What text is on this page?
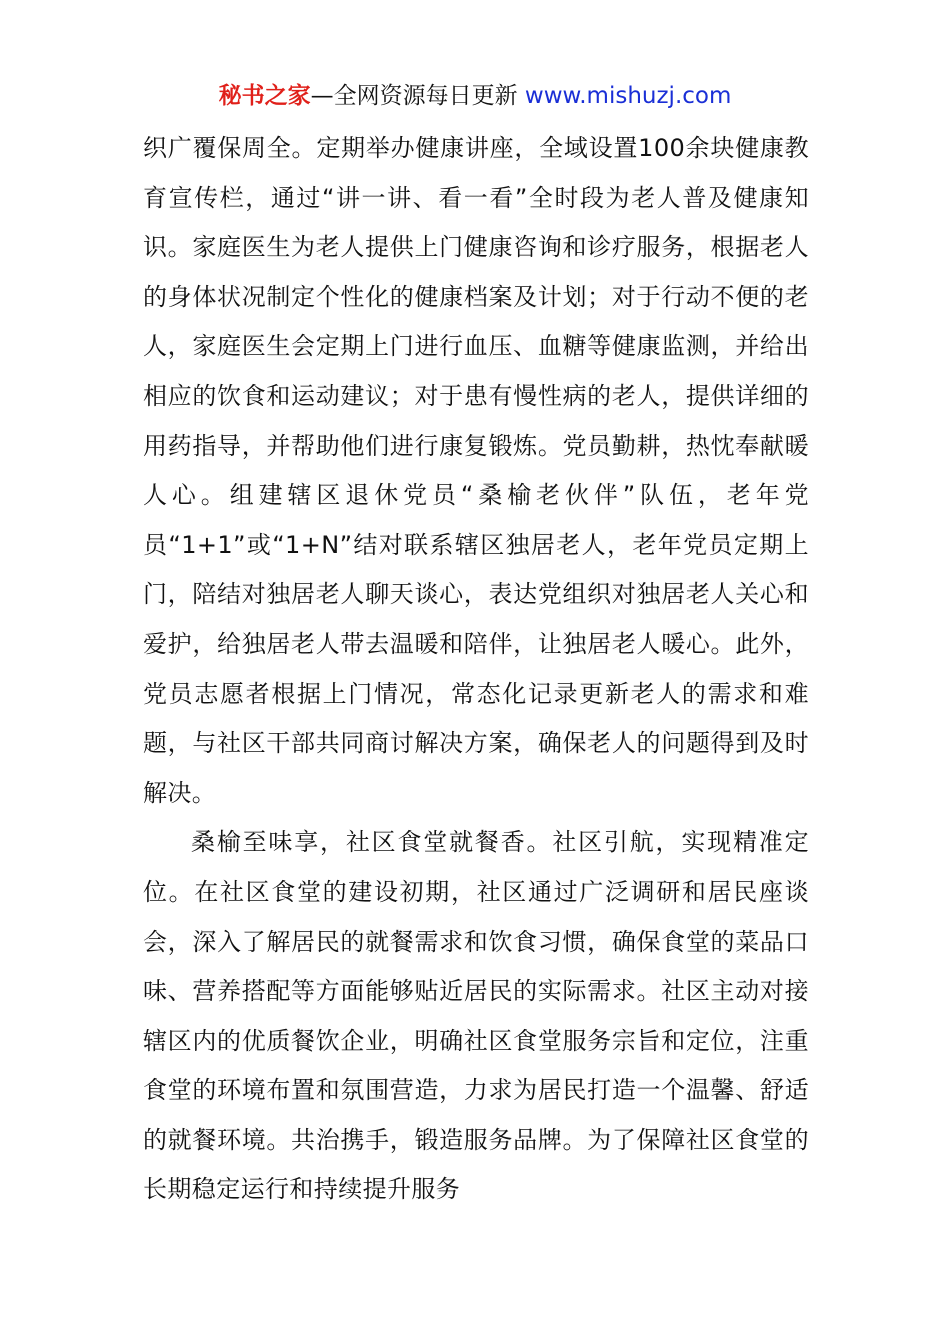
秘书之家—全网资源每日更新 www.mishuzj.com

织广覆保周全。定期举办健康讲座，全域设置100余块健康教育宣传栏，通过“讲一讲、看一看”全时段为老人普及健康知识。家庭医生为老人提供上门健康咨询和诊疗服务，根据老人的身体状况制定个性化的健康档案及计划；对于行动不便的老人，家庭医生会定期上门进行血压、血糖等健康监测，并给出相应的饮食和运动建议；对于患有慢性病的老人，提供详细的用药指导，并帮助他们进行康复锻炼。党员勤耕，热忱奉献暖人心。组建辖区退休党员“桑榆老伙伴”队伍，老年党员“1+1”或“1+N”结对联系辖区独居老人，老年党员定期上门，陪结对独居老人聊天谈心，表达党组织对独居老人关心和爱护，给独居老人带去温暖和陪伴，让独居老人暖心。此外，党员志愿者根据上门情况，常态化记录更新老人的需求和难题，与社区干部共同商讨解决方案，确保老人的问题得到及时解决。

桑榆至味享，社区食堂就餐香。社区引航，实现精准定位。在社区食堂的建设初期，社区通过广泛调研和居民座谈会，深入了解居民的就餐需求和饮食习惯，确保食堂的菜品口味、营养搭配等方面能够贴近居民的实际需求。社区主动对接辖区内的优质餐饮企业，明确社区食堂服务宗旨和定位，注重食堂的环境布置和氛围营造，力求为居民打造一个温馨、舒适的就餐环境。共治携手，锻造服务品牌。为了保障社区食堂的长期稳定运行和持续提升服务
